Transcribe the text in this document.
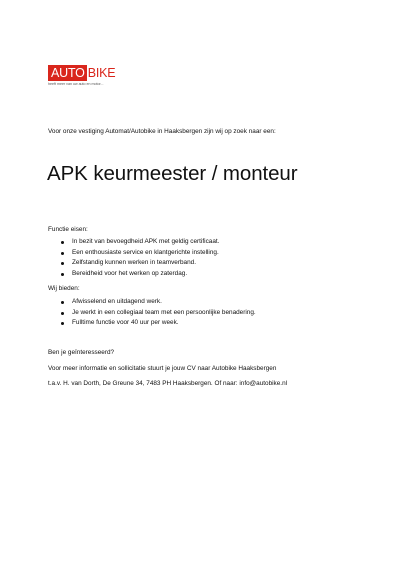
AUTO BIKE
heeft meer van uw auto en motor...
Voor onze vestiging Automat/Autobike in Haaksbergen zijn wij op zoek naar een:
APK keurmeester / monteur
Functie eisen:
In bezit van bevoegdheid APK met geldig certificaat.
Een enthousiaste service en klantgerichte instelling.
Zelfstandig kunnen werken in teamverband.
Bereidheid voor het werken op zaterdag.
Wij bieden:
Afwisselend en uitdagend werk.
Je werkt in een collegiaal team met een persoonlijke benadering.
Fulltime functie voor 40 uur per week.
Ben je geïnteresseerd?
Voor meer informatie en sollicitatie stuurt je jouw CV naar Autobike Haaksbergen
t.a.v. H. van Dorth, De Greune 34, 7483 PH Haaksbergen. Of naar: info@autobike.nl
